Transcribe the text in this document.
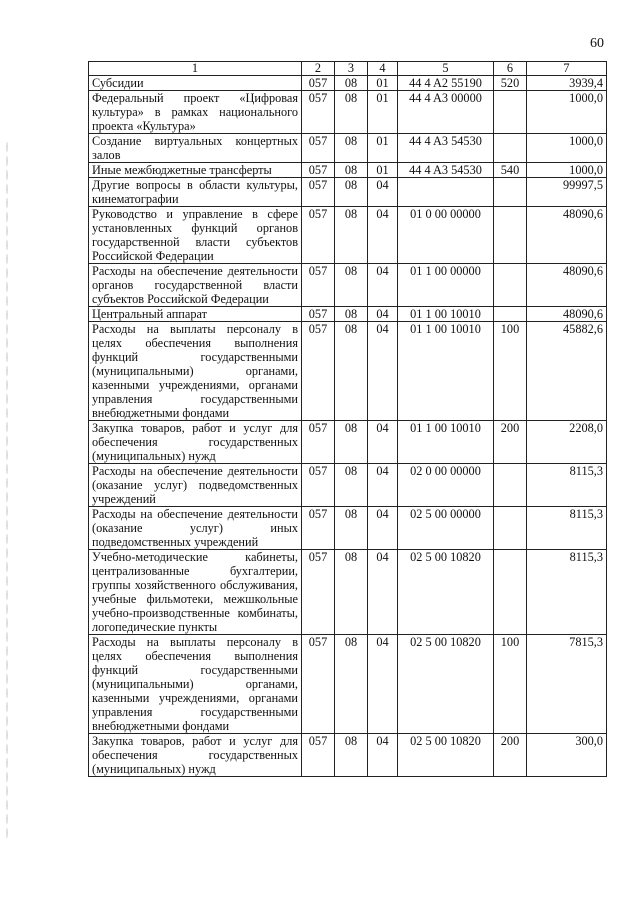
60
1	2	3	4	5	6	7
Субсидии	057	08	01	44 4 A2 55190	520	3939,4
Федеральный проект «Цифровая культура» в рамках национального проекта «Культура»	057	08	01	44 4 A3 00000		1000,0
Создание виртуальных концертных залов	057	08	01	44 4 A3 54530		1000,0
Иные межбюджетные трансферты	057	08	01	44 4 A3 54530	540	1000,0
Другие вопросы в области культуры, кинематографии	057	08	04			99997,5
Руководство и управление в сфере установленных функций органов государственной власти субъектов Российской Федерации	057	08	04	01 0 00 00000		48090,6
Расходы на обеспечение деятельности органов государственной власти субъектов Российской Федерации	057	08	04	01 1 00 00000		48090,6
Центральный аппарат	057	08	04	01 1 00 10010		48090,6
Расходы на выплаты персоналу в целях обеспечения выполнения функций государственными (муниципальными) органами, казенными учреждениями, органами управления государственными внебюджетными фондами	057	08	04	01 1 00 10010	100	45882,6
Закупка товаров, работ и услуг для обеспечения государственных (муниципальных) нужд	057	08	04	01 1 00 10010	200	2208,0
Расходы на обеспечение деятельности (оказание услуг) подведомственных учреждений	057	08	04	02 0 00 00000		8115,3
Расходы на обеспечение деятельности (оказание услуг) иных подведомственных учреждений	057	08	04	02 5 00 00000		8115,3
Учебно-методические кабинеты, централизованные бухгалтерии, группы хозяйственного обслуживания, учебные фильмотеки, межшкольные учебно-производственные комбинаты, логопедические пункты	057	08	04	02 5 00 10820		8115,3
Расходы на выплаты персоналу в целях обеспечения выполнения функций государственными (муниципальными) органами, казенными учреждениями, органами управления государственными внебюджетными фондами	057	08	04	02 5 00 10820	100	7815,3
Закупка товаров, работ и услуг для обеспечения государственных (муниципальных) нужд	057	08	04	02 5 00 10820	200	300,0
